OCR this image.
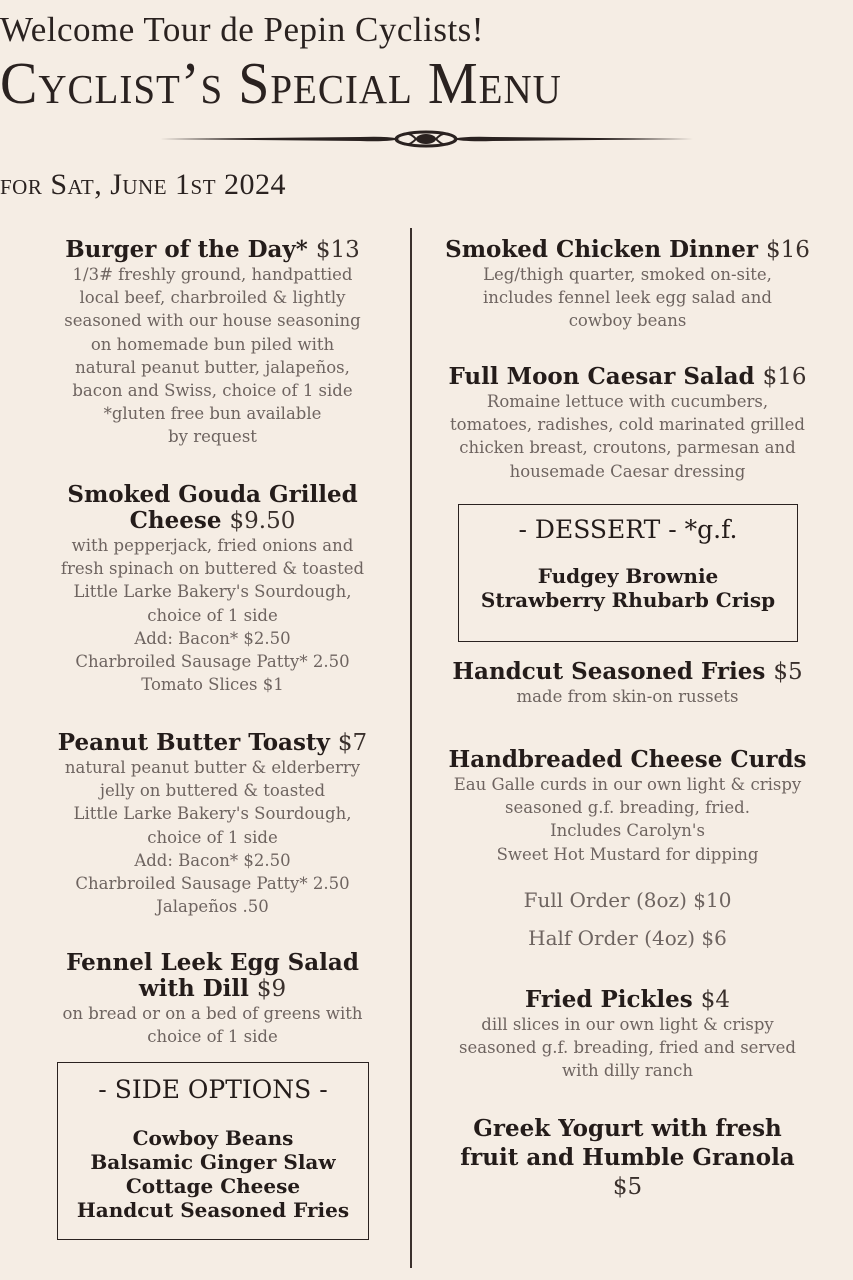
Welcome Tour de Pepin Cyclists!
Cyclist’s Special Menu
for Sat, June 1st 2024
Burger of the Day* $13
1/3# freshly ground, handpattied
local beef, charbroiled & lightly
seasoned with our house seasoning
on homemade bun piled with
natural peanut butter, jalapeños,
bacon and Swiss, choice of 1 side
*gluten free bun available
by request
Smoked Gouda Grilled
Cheese $9.50
with pepperjack, fried onions and
fresh spinach on buttered & toasted
Little Larke Bakery's Sourdough,
choice of 1 side
Add: Bacon* $2.50
Charbroiled Sausage Patty* 2.50
Tomato Slices $1
Peanut Butter Toasty $7
natural peanut butter & elderberry
jelly on buttered & toasted
Little Larke Bakery's Sourdough,
choice of 1 side
Add: Bacon* $2.50
Charbroiled Sausage Patty* 2.50
Jalapeños .50
Fennel Leek Egg Salad
with Dill $9
on bread or on a bed of greens with
choice of 1 side
- SIDE OPTIONS -
Cowboy Beans
Balsamic Ginger Slaw
Cottage Cheese
Handcut Seasoned Fries
Smoked Chicken Dinner $16
Leg/thigh quarter, smoked on-site,
includes fennel leek egg salad and
cowboy beans
Full Moon Caesar Salad $16
Romaine lettuce with cucumbers,
tomatoes, radishes, cold marinated grilled
chicken breast, croutons, parmesan and
housemade Caesar dressing
- DESSERT - *g.f.
Fudgey Brownie
Strawberry Rhubarb Crisp
Handcut Seasoned Fries $5
made from skin-on russets
Handbreaded Cheese Curds
Eau Galle curds in our own light & crispy
seasoned g.f. breading, fried.
Includes Carolyn's
Sweet Hot Mustard for dipping
Full Order (8oz) $10
Half Order (4oz) $6
Fried Pickles $4
dill slices in our own light & crispy
seasoned g.f. breading, fried and served
with dilly ranch
Greek Yogurt with fresh
fruit and Humble Granola
$5
